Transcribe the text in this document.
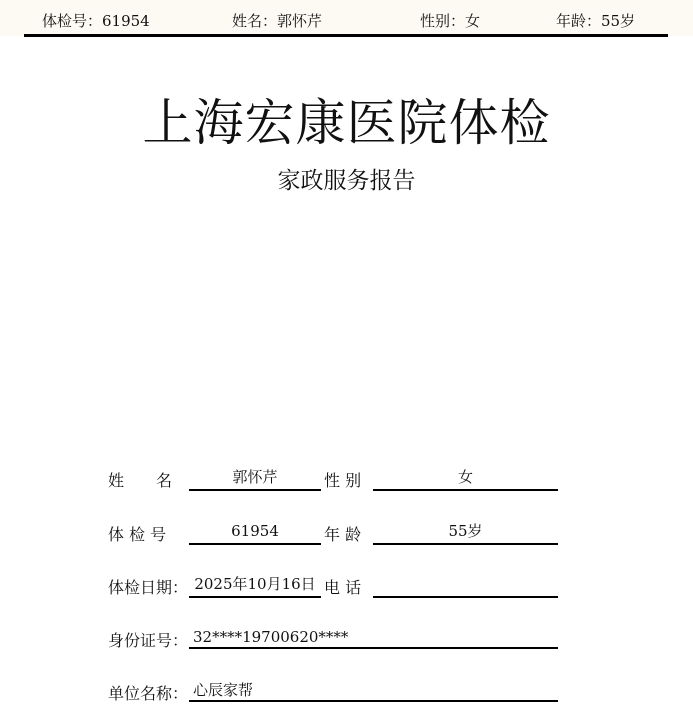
体检号：61954	姓名：郭怀芹	性别：女	年龄：55岁
上海宏康医院体检
家政服务报告
姓 名	郭怀芹	性 别	女
体 检 号	61954	年 龄	55岁
体检日期： 2025年10月16日 电 话
身份证号： 32****19700620****
单位名称： 心辰家帮
